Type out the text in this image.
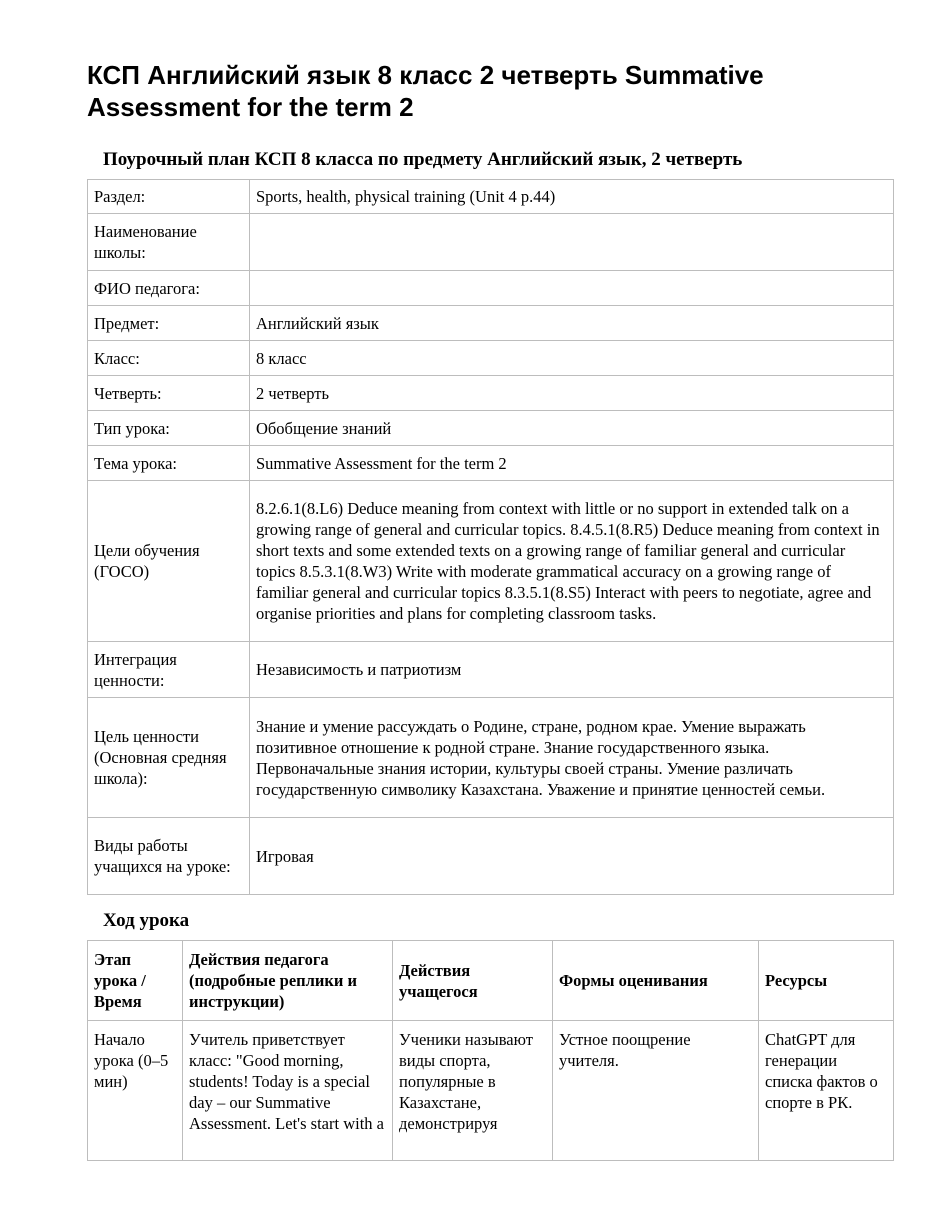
КСП Английский язык 8 класс 2 четверть Summative Assessment for the term 2
Поурочный план КСП 8 класса по предмету Английский язык, 2 четверть
Раздел:	Sports, health, physical training (Unit 4 p.44)
Наименование школы:	
ФИО педагога:	
Предмет:	Английский язык
Класс:	8 класс
Четверть:	2 четверть
Тип урока:	Обобщение знаний
Тема урока:	Summative Assessment for the term 2
Цели обучения (ГОСО)	8.2.6.1(8.L6) Deduce meaning from context with little or no support in extended talk on a growing range of general and curricular topics. 8.4.5.1(8.R5) Deduce meaning from context in short texts and some extended texts on a growing range of familiar general and curricular topics 8.5.3.1(8.W3) Write with moderate grammatical accuracy on a growing range of familiar general and curricular topics 8.3.5.1(8.S5) Interact with peers to negotiate, agree and organise priorities and plans for completing classroom tasks.
Интеграция ценности:	Независимость и патриотизм
Цель ценности (Основная средняя школа):	Знание и умение рассуждать о Родине, стране, родном крае. Умение выражать позитивное отношение к родной стране. Знание государственного языка. Первоначальные знания истории, культуры своей страны. Умение различать государственную символику Казахстана. Уважение и принятие ценностей семьи.
Виды работы учащихся на уроке:	Игровая
Ход урока
Этап урока / Время	Действия педагога (подробные реплики и инструкции)	Действия учащегося	Формы оценивания	Ресурсы

Начало урока (0–5 мин)	Учитель приветствует класс: "Good morning, students! Today is a special day – our Summative Assessment. Let's start with a	Ученики называют виды спорта, популярные в Казахстане, демонстрируя	Устное поощрение учителя.	ChatGPT для генерации списка фактов о спорте в РК.
